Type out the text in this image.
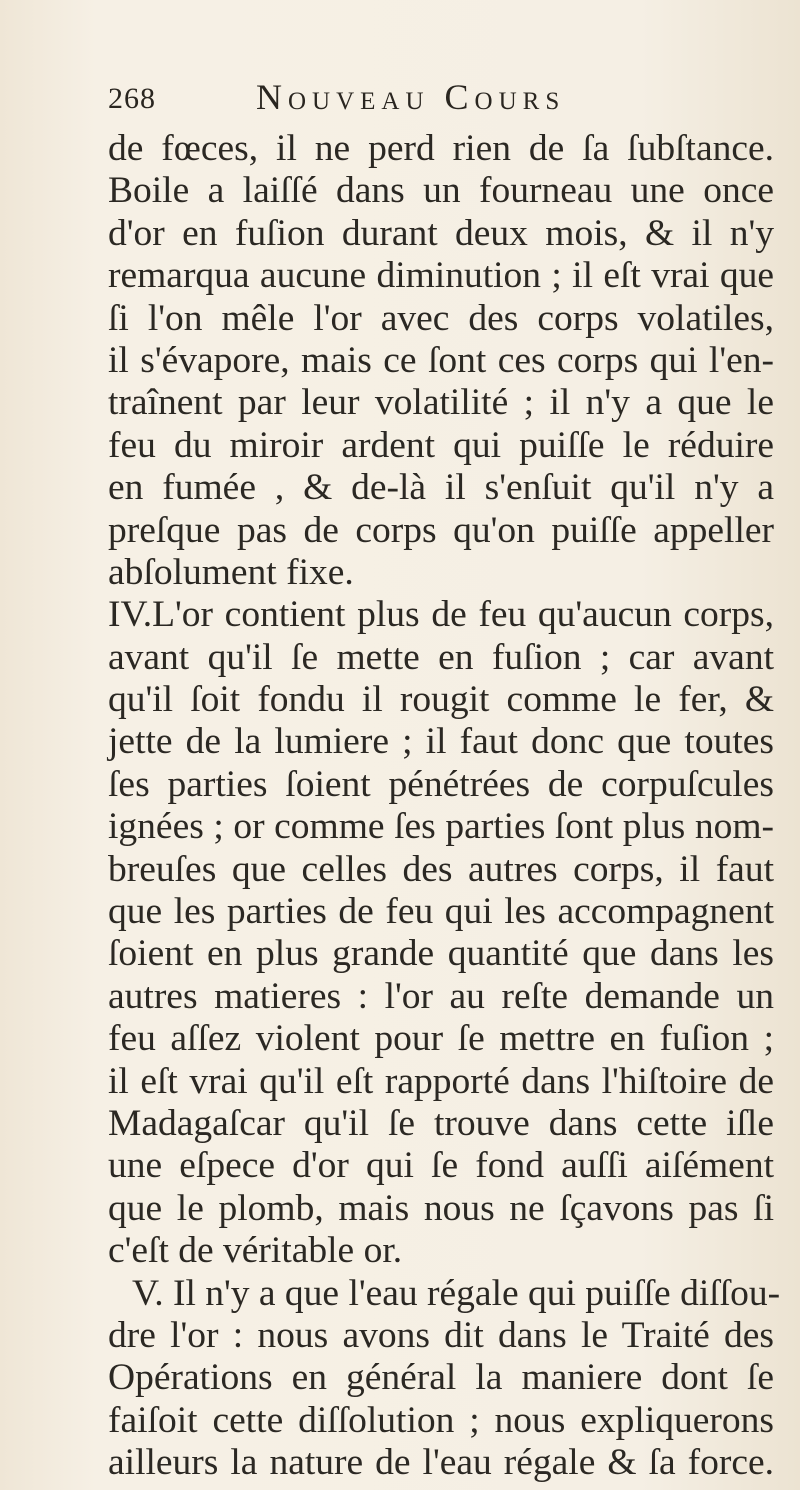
268	Nouveau Cours
de fœces, il ne perd rien de ſa ſubſtance.
Boile a laiſſé dans un fourneau une once
d'or en fuſion durant deux mois, & il n'y
remarqua aucune diminution ; il eſt vrai que
ſi l'on mêle l'or avec des corps volatiles,
il s'évapore, mais ce ſont ces corps qui l'en-
traînent par leur volatilité ; il n'y a que le
feu du miroir ardent qui puiſſe le réduire
en fumée , & de-là il s'enſuit qu'il n'y a
preſque pas de corps qu'on puiſſe appeller
abſolument fixe.
IV.L'or contient plus de feu qu'aucun corps,
avant qu'il ſe mette en fuſion ; car avant
qu'il ſoit fondu il rougit comme le fer, &
jette de la lumiere ; il faut donc que toutes
ſes parties ſoient pénétrées de corpuſcules
ignées ; or comme ſes parties ſont plus nom-
breuſes que celles des autres corps, il faut
que les parties de feu qui les accompagnent
ſoient en plus grande quantité que dans les
autres matieres : l'or au reſte demande un
feu aſſez violent pour ſe mettre en fuſion ;
il eſt vrai qu'il eſt rapporté dans l'hiſtoire de
Madagaſcar qu'il ſe trouve dans cette iſle
une eſpece d'or qui ſe fond auſſi aiſément
que le plomb, mais nous ne ſçavons pas ſi
c'eſt de véritable or.
V. Il n'y a que l'eau régale qui puiſſe diſſou-
dre l'or : nous avons dit dans le Traité des
Opérations en général la maniere dont ſe
faiſoit cette diſſolution ; nous expliquerons
ailleurs la nature de l'eau régale & ſa force.
